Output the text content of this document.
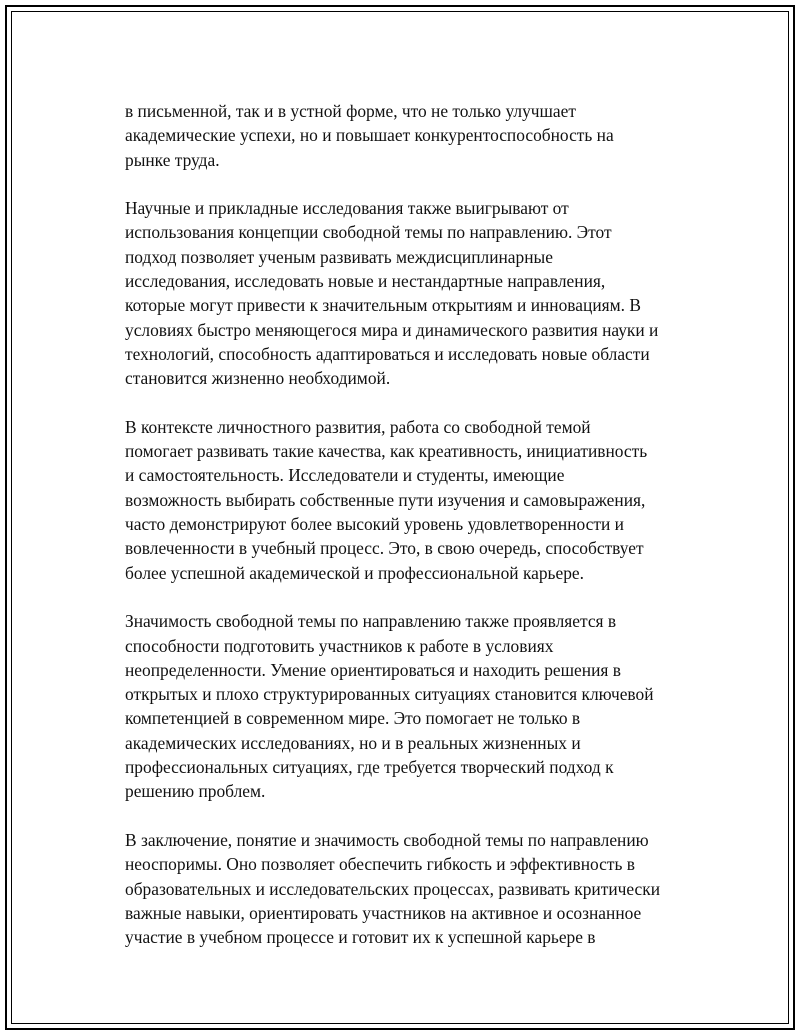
в письменной, так и в устной форме, что не только улучшает
академические успехи, но и повышает конкурентоспособность на
рынке труда.

Научные и прикладные исследования также выигрывают от
использования концепции свободной темы по направлению. Этот
подход позволяет ученым развивать междисциплинарные
исследования, исследовать новые и нестандартные направления,
которые могут привести к значительным открытиям и инновациям. В
условиях быстро меняющегося мира и динамического развития науки и
технологий, способность адаптироваться и исследовать новые области
становится жизненно необходимой.

В контексте личностного развития, работа со свободной темой
помогает развивать такие качества, как креативность, инициативность
и самостоятельность. Исследователи и студенты, имеющие
возможность выбирать собственные пути изучения и самовыражения,
часто демонстрируют более высокий уровень удовлетворенности и
вовлеченности в учебный процесс. Это, в свою очередь, способствует
более успешной академической и профессиональной карьере.

Значимость свободной темы по направлению также проявляется в
способности подготовить участников к работе в условиях
неопределенности. Умение ориентироваться и находить решения в
открытых и плохо структурированных ситуациях становится ключевой
компетенцией в современном мире. Это помогает не только в
академических исследованиях, но и в реальных жизненных и
профессиональных ситуациях, где требуется творческий подход к
решению проблем.

В заключение, понятие и значимость свободной темы по направлению
неоспоримы. Оно позволяет обеспечить гибкость и эффективность в
образовательных и исследовательских процессах, развивать критически
важные навыки, ориентировать участников на активное и осознанное
участие в учебном процессе и готовит их к успешной карьере в
